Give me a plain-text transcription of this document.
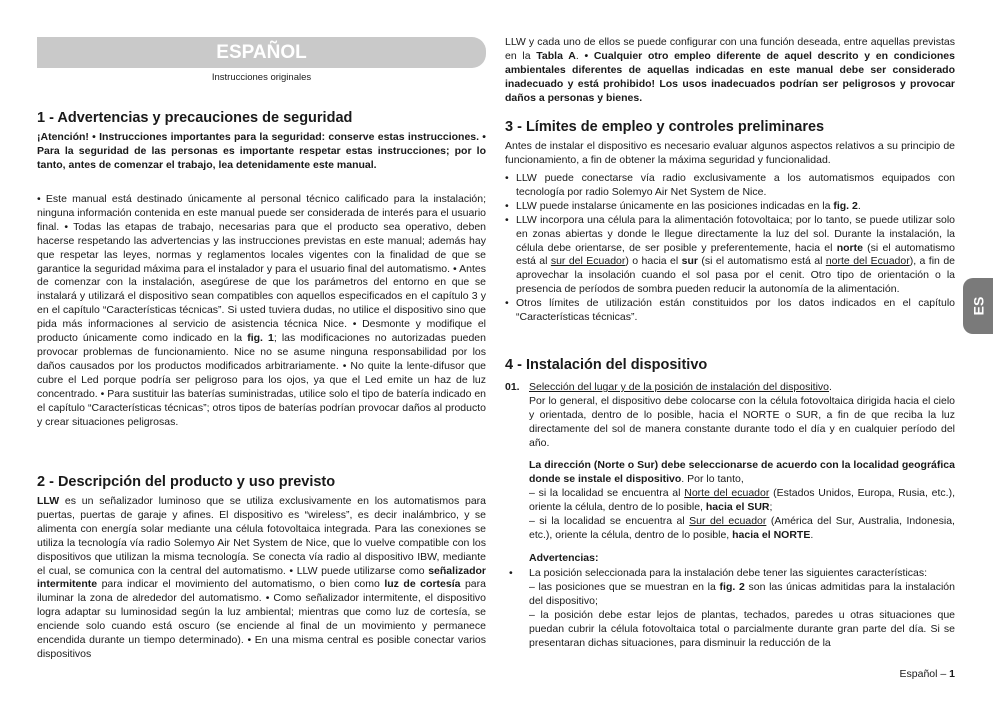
ESPAÑOL
Instrucciones originales
1 - Advertencias y precauciones de seguridad

¡Atención! • Instrucciones importantes para la seguridad: conserve estas instrucciones. • Para la seguridad de las personas es importante respetar estas instrucciones; por lo tanto, antes de comenzar el trabajo, lea detenidamente este manual.

• Este manual está destinado únicamente al personal técnico calificado para la instalación; ninguna información contenida en este manual puede ser considerada de interés para el usuario final. • Todas las etapas de trabajo, necesarias para que el producto sea operativo, deben hacerse respetando las advertencias y las instrucciones previstas en este manual; además hay que respetar las leyes, normas y reglamentos locales vigentes con la finalidad de que se garantice la seguridad máxima para el instalador y para el usuario final del automatismo. • Antes de comenzar con la instalación, asegúrese de que los parámetros del entorno en que se instalará y utilizará el dispositivo sean compatibles con aquellos especificados en el capítulo 3 y en el capítulo “Características técnicas”. Si usted tuviera dudas, no utilice el dispositivo sino que pida más informaciones al servicio de asistencia técnica Nice. • Desmonte y modifique el producto únicamente como indicado en la fig. 1; las modificaciones no autorizadas pueden provocar problemas de funcionamiento. Nice no se asume ninguna responsabilidad por los daños causados por los productos modificados arbitrariamente. • No quite la lente-difusor que cubre el Led porque podría ser peligroso para los ojos, ya que el Led emite un haz de luz concentrado. • Para sustituir las baterías suministradas, utilice solo el tipo de batería indicado en el capítulo “Características técnicas”; otros tipos de baterías podrían provocar daños al producto y crear situaciones peligrosas.

2 - Descripción del producto y uso previsto

LLW es un señalizador luminoso que se utiliza exclusivamente en los automatismos para puertas, puertas de garaje y afines. El dispositivo es “wireless”, es decir inalámbrico, y se alimenta con energía solar mediante una célula fotovoltaica integrada. Para las conexiones se utiliza la tecnología vía radio Solemyo Air Net System de Nice, que lo vuelve compatible con los dispositivos que utilizan la misma tecnología. Se conecta vía radio al dispositivo IBW, mediante el cual, se comunica con la central del automatismo. • LLW puede utilizarse como señalizador intermitente para indicar el movimiento del automatismo, o bien como luz de cortesía para iluminar la zona de alrededor del automatismo. • Como señalizador intermitente, el dispositivo logra adaptar su luminosidad según la luz ambiental; mientras que como luz de cortesía, se enciende solo cuando está oscuro (se enciende al final de un movimiento y permanece encendida durante un tiempo determinado). • En una misma central es posible conectar varios dispositivos

LLW y cada uno de ellos se puede configurar con una función deseada, entre aquellas previstas en la Tabla A. • Cualquier otro empleo diferente de aquel descrito y en condiciones ambientales diferentes de aquellas indicadas en este manual debe ser considerado inadecuado y está prohibido! Los usos inadecuados podrían ser peligrosos y provocar daños a personas y bienes.

3 - Límites de empleo y controles preliminares

Antes de instalar el dispositivo es necesario evaluar algunos aspectos relativos a su principio de funcionamiento, a fin de obtener la máxima seguridad y funcionalidad.

• LLW puede conectarse vía radio exclusivamente a los automatismos equipados con tecnología por radio Solemyo Air Net System de Nice.
• LLW puede instalarse únicamente en las posiciones indicadas en la fig. 2.
• LLW incorpora una célula para la alimentación fotovoltaica; por lo tanto, se puede utilizar solo en zonas abiertas y donde le llegue directamente la luz del sol. Durante la instalación, la célula debe orientarse, de ser posible y preferentemente, hacia el norte (si el automatismo está al sur del Ecuador) o hacia el sur (si el automatismo está al norte del Ecuador), a fin de aprovechar la insolación cuando el sol pasa por el cenit. Otro tipo de orientación o la presencia de períodos de sombra pueden reducir la autonomía de la alimentación.
• Otros límites de utilización están constituidos por los datos indicados en el capítulo “Características técnicas”.
4 - Instalación del dispositivo
01. Selección del lugar y de la posición de instalación del dispositivo.
Por lo general, el dispositivo debe colocarse con la célula fotovoltaica dirigida hacia el cielo y orientada, dentro de lo posible, hacia el NORTE o SUR, a fin de que reciba la luz directamente del sol de manera constante durante todo el día y en cualquier período del año.

La dirección (Norte o Sur) debe seleccionarse de acuerdo con la localidad geográfica donde se instale el dispositivo. Por lo tanto,
– si la localidad se encuentra al Norte del ecuador (Estados Unidos, Europa, Rusia, etc.), oriente la célula, dentro de lo posible, hacia el SUR;
– si la localidad se encuentra al Sur del ecuador (América del Sur, Australia, Indonesia, etc.), oriente la célula, dentro de lo posible, hacia el NORTE.

Advertencias:

• La posición seleccionada para la instalación debe tener las siguientes características:
– las posiciones que se muestran en la fig. 2 son las únicas admitidas para la instalación del dispositivo;
– la posición debe estar lejos de plantas, techados, paredes u otras situaciones que puedan cubrir la célula fotovoltaica total o parcialmente durante gran parte del día. Si se presentaran dichas situaciones, para disminuir la reducción de la

ES
Español – 1
